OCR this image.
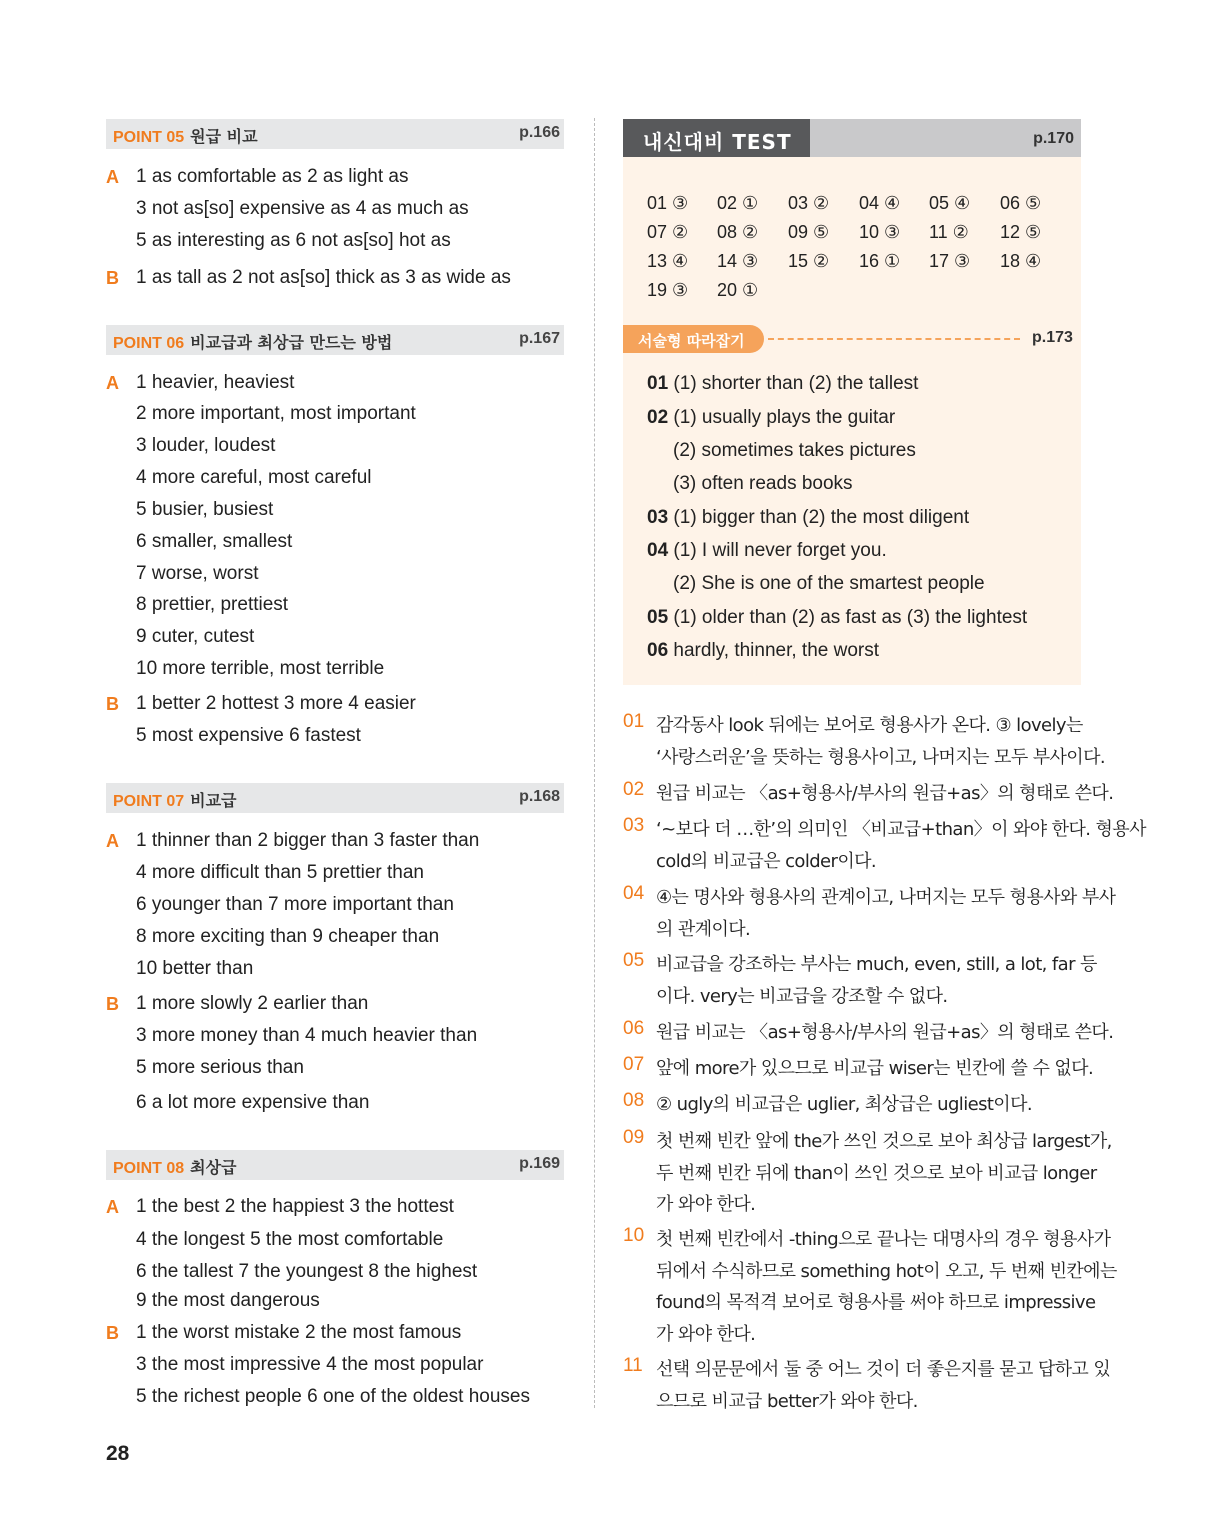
POINT 05 원급 비교	p.166
A 1 as comfortable as 2 as light as
3 not as[so] expensive as 4 as much as
5 as interesting as 6 not as[so] hot as
B 1 as tall as 2 not as[so] thick as 3 as wide as
POINT 06 비교급과 최상급 만드는 방법	p.167
A 1 heavier, heaviest
2 more important, most important
3 louder, loudest
4 more careful, most careful
5 busier, busiest
6 smaller, smallest
7 worse, worst
8 prettier, prettiest
9 cuter, cutest
10 more terrible, most terrible
B 1 better 2 hottest 3 more 4 easier
5 most expensive 6 fastest
POINT 07 비교급	p.168
A 1 thinner than 2 bigger than 3 faster than
4 more difficult than 5 prettier than
6 younger than 7 more important than
8 more exciting than 9 cheaper than
10 better than
B 1 more slowly 2 earlier than
3 more money than 4 much heavier than
5 more serious than
6 a lot more expensive than
POINT 08 최상급	p.169
A 1 the best 2 the happiest 3 the hottest
4 the longest 5 the most comfortable
6 the tallest 7 the youngest 8 the highest
9 the most dangerous
B 1 the worst mistake 2 the most famous
3 the most impressive 4 the most popular
5 the richest people 6 one of the oldest houses
내신대비 TEST	p.170
01 ③ 02 ① 03 ② 04 ④ 05 ④ 06 ⑤
07 ② 08 ② 09 ⑤ 10 ③ 11 ② 12 ⑤
13 ④ 14 ③ 15 ② 16 ① 17 ③ 18 ④
19 ③ 20 ①
서술형 따라잡기	p.173
01 (1) shorter than (2) the tallest
02 (1) usually plays the guitar
(2) sometimes takes pictures
(3) often reads books
03 (1) bigger than (2) the most diligent
04 (1) I will never forget you.
(2) She is one of the smartest people
05 (1) older than (2) as fast as (3) the lightest
06 hardly, thinner, the worst
01 감각동사 look 뒤에는 보어로 형용사가 온다. ③ lovely는
‘사랑스러운’을 뜻하는 형용사이고, 나머지는 모두 부사이다.
02 원급 비교는 〈as+형용사/부사의 원급+as〉의 형태로 쓴다.
03 ‘~보다 더 …한’의 의미인 〈비교급+than〉이 와야 한다. 형용사
cold의 비교급은 colder이다.
04 ④는 명사와 형용사의 관계이고, 나머지는 모두 형용사와 부사
의 관계이다.
05 비교급을 강조하는 부사는 much, even, still, a lot, far 등
이다. very는 비교급을 강조할 수 없다.
06 원급 비교는 〈as+형용사/부사의 원급+as〉의 형태로 쓴다.
07 앞에 more가 있으므로 비교급 wiser는 빈칸에 쓸 수 없다.
08 ② ugly의 비교급은 uglier, 최상급은 ugliest이다.
09 첫 번째 빈칸 앞에 the가 쓰인 것으로 보아 최상급 largest가,
두 번째 빈칸 뒤에 than이 쓰인 것으로 보아 비교급 longer
가 와야 한다.
10 첫 번째 빈칸에서 -thing으로 끝나는 대명사의 경우 형용사가
뒤에서 수식하므로 something hot이 오고, 두 번째 빈칸에는
found의 목적격 보어로 형용사를 써야 하므로 impressive
가 와야 한다.
11 선택 의문문에서 둘 중 어느 것이 더 좋은지를 묻고 답하고 있
으므로 비교급 better가 와야 한다.
28
